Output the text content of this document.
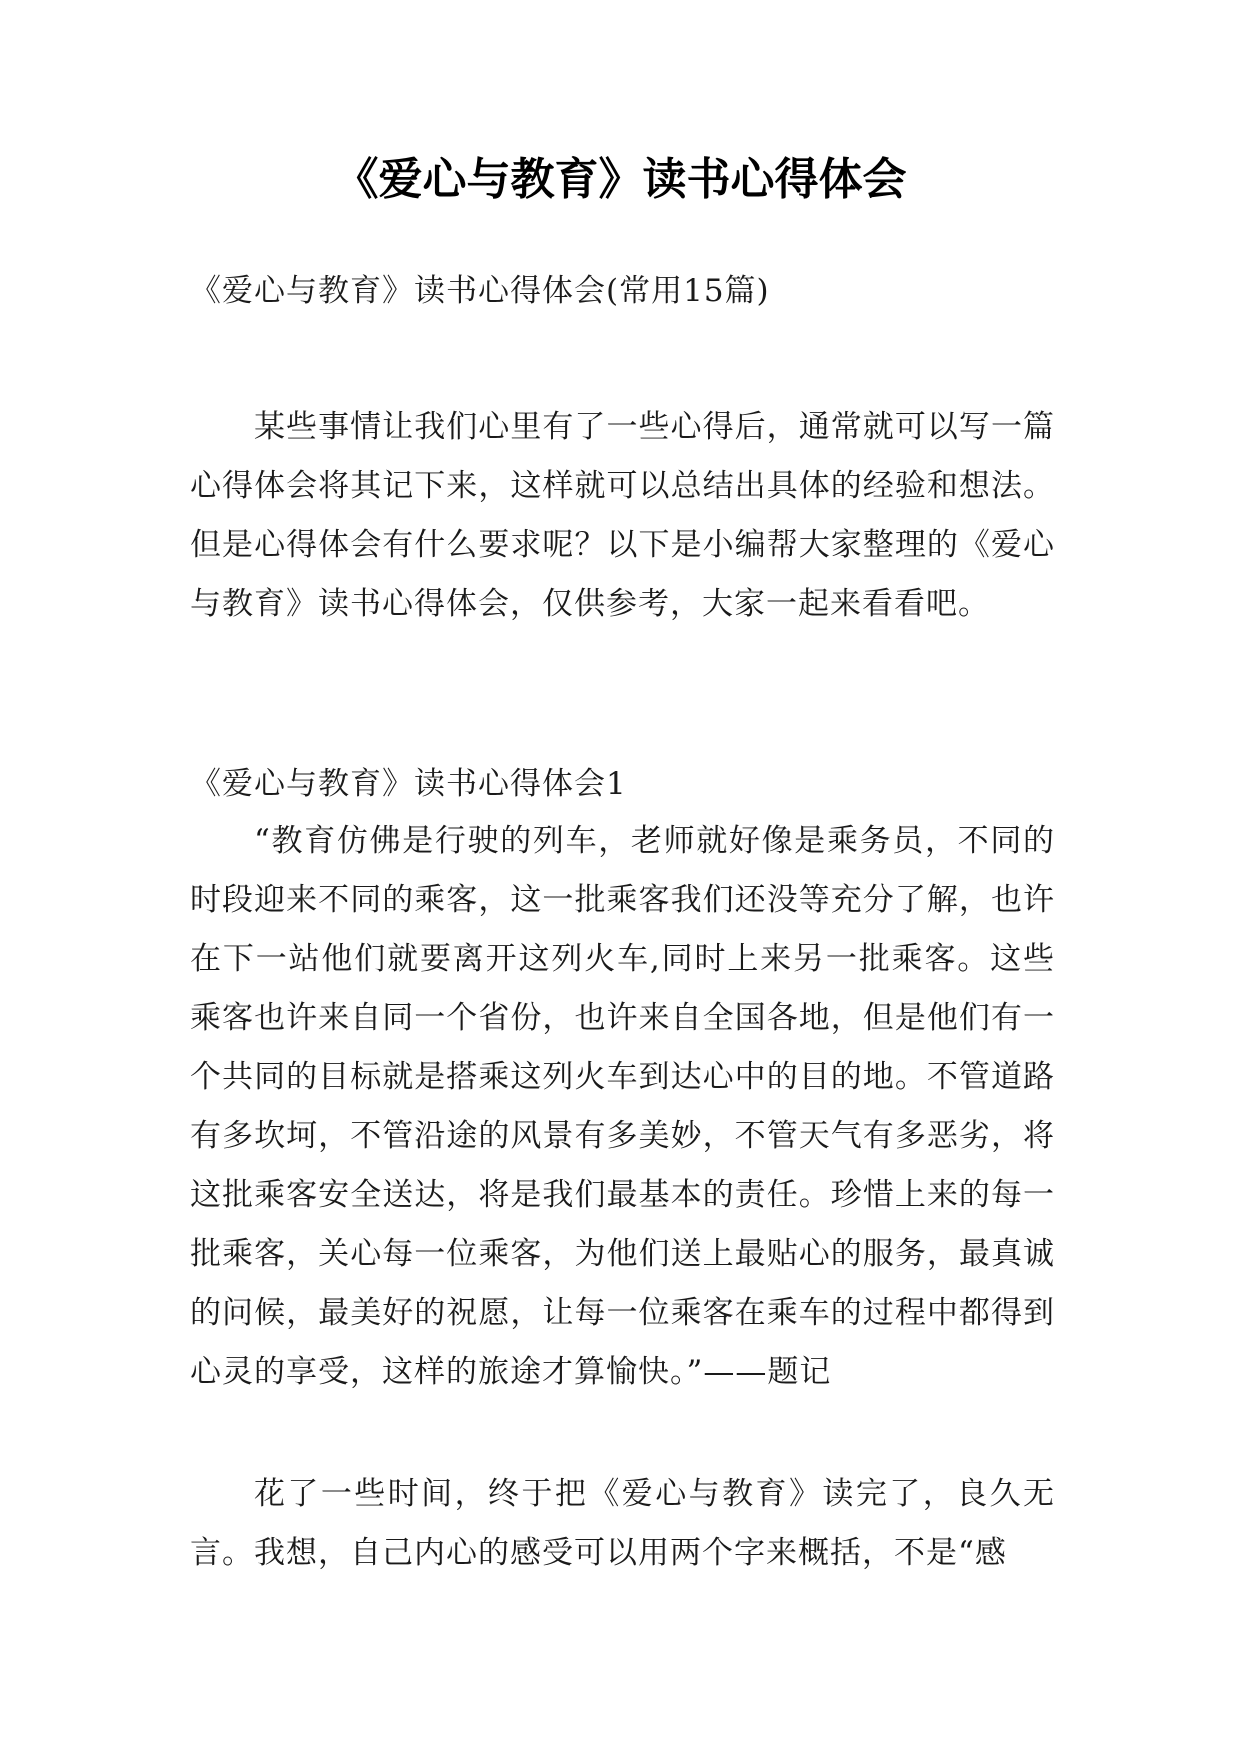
《爱心与教育》读书心得体会

《爱心与教育》读书心得体会(常用15篇)

某些事情让我们心里有了一些心得后，通常就可以写一篇心得体会将其记下来，这样就可以总结出具体的经验和想法。但是心得体会有什么要求呢？以下是小编帮大家整理的《爱心与教育》读书心得体会，仅供参考，大家一起来看看吧。

《爱心与教育》读书心得体会1

“教育仿佛是行驶的列车，老师就好像是乘务员，不同的时段迎来不同的乘客，这一批乘客我们还没等充分了解，也许在下一站他们就要离开这列火车,同时上来另一批乘客。这些乘客也许来自同一个省份，也许来自全国各地，但是他们有一个共同的目标就是搭乘这列火车到达心中的目的地。不管道路有多坎坷，不管沿途的风景有多美妙，不管天气有多恶劣，将这批乘客安全送达，将是我们最基本的责任。珍惜上来的每一批乘客，关心每一位乘客，为他们送上最贴心的服务，最真诚的问候，最美好的祝愿，让每一位乘客在乘车的过程中都得到心灵的享受，这样的旅途才算愉快。”——题记

花了一些时间，终于把《爱心与教育》读完了，良久无言。我想，自己内心的感受可以用两个字来概括，不是“感
